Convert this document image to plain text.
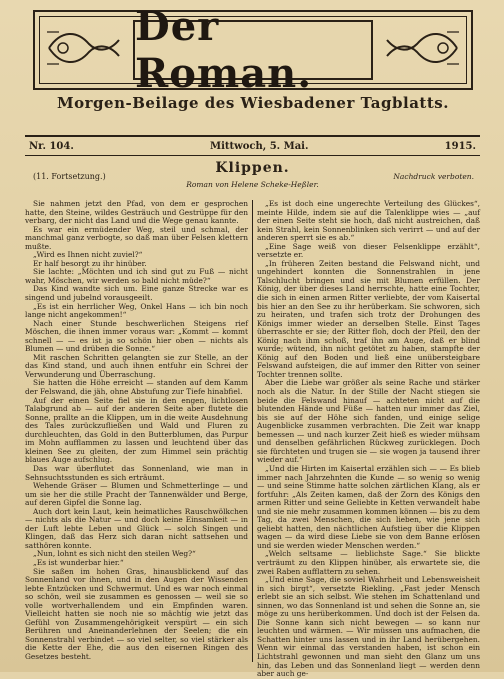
Der Roman.
Morgen-Beilage des Wiesbadener Tagblatts.
Nr. 104.	Mittwoch, 5. Mai.	1915.
(11. Fortsetzung.)
Klippen.
Roman von Helene Scheke-Heßler.
Nachdruck verboten.

Sie nahmen jetzt den Pfad, von dem er gesprochen hatte, den Steine, wildes Gesträuch und Gestrüppe für den verbarg, der nicht das Land und die Wege genau kannte.

Es war ein ermüdender Weg, steil und schmal, der manchmal ganz verbogte, so daß man über Felsen klettern mußte.

„Wird es Ihnen nicht zuviel?“

Er half besorgt zu ihr hinüber.

Sie lachte: „Möchten und ich sind gut zu Fuß — nicht wahr, Möschen, wir werden so bald nicht müde?“

Das Kind wandte sich um. Eine ganze Strecke war es singend und jubelnd vorausgeeilt.

„Es ist ein herrlicher Weg, Onkel Hans — ich bin noch lange nicht angekommen!“

Nach einer Stunde beschwerlichen Steigens rief Möschen, die ihnen immer voraus war: „Kommt — kommt schnell — — es ist ja so schön hier oben — nichts als Blumen — und drüben die Sonne.“

Mit raschen Schritten gelangten sie zur Stelle, an der das Kind stand, und auch ihnen entfuhr ein Schrei der Verwunderung und Überraschung.

Sie hatten die Höhe erreicht — standen auf dem Kamm der Felswand, die jäh, ohne Abstufung zur Tiefe hinabfiel.

Auf der einen Seite fiel sie in den engen, lichtlosen Talabgrund ab — auf der anderen Seite aber flutete die Sonne, prallte an die Klippen, um in die weite Ausdehnung des Tales zurückzufließen und Wald und Fluren zu durchleuchten, das Gold in den Butterblumen, das Purpur im Mohn aufflammen zu lassen und leuchtend über das kleinen See zu gleiten, der zum Himmel sein prächtig blaues Auge aufschlug.

Das war überflutet das Sonnenland, wie man in Sehnsuchtsstunden es sich erträumt.

Wehende Gräser — Blumen und Schmetterlinge — und um sie her die stille Pracht der Tannenwälder und Berge, auf deren Gipfel die Sonne lag.

Auch dort kein Laut, kein heimatliches Rauschwölkchen — nichts als die Natur — und doch keine Einsamkeit — in der Luft lebte Leben und Glück — solch Singen und Klingen, daß das Herz sich daran nicht sattsehen und satthören konnte.

„Nun, lohnt es sich nicht den steilen Weg?“

„Es ist wunderbar hier.“

Sie saßen im hohen Gras, hinausblickend auf das Sonnenland vor ihnen, und in den Augen der Wissenden lebte Entzücken und Schwermut. Und es war noch einmal so schön, weil sie zusammen es genossen — weil sie so volle wortverhallendem und ein Empfinden waren. Vielleicht hatten sie noch nie so mächtig wie jetzt das Gefühl von Zusammengehörigkeit verspürt — ein sich Berühren und Aneinanderlehnen der Seelen; die ein Sonnenstrahl verbindet — so viel selter, so viel stärker als die Kette der Ehe, die aus den eisernen Ringen des Gesetzes besteht.

„Es ist doch eine ungerechte Verteilung des Glückes“, meinte Hilde, indem sie auf die Talenklippe wies — „auf der einen Seite steht sie hoch, daß nicht austreichen, daß kein Strahl, kein Sonnenblinken sich verirrt — und auf der anderen sperrt sie es ab.“

„Eine Sage weiß von dieser Felsenklippe erzählt“, versetzte er.

„In früheren Zeiten bestand die Felswand nicht, und ungehindert konnten die Sonnenstrahlen in jene Talschlucht bringen und sie mit Blumen erfüllen. Der König, der über dieses Land herrschte, hatte eine Tochter, die sich in einen armen Ritter verliebte, der vom Kaisertal bis hier an den See zu ihr herüberkam. Sie schworen, sich zu heiraten, und trafen sich trotz der Drohungen des Königs immer wieder an derselben Stelle. Einst Tages überraschte er sie; der Ritter floh, doch der Pfeil, den der König nach ihm schoß, traf ihn am Auge, daß er blind wurde; wütend, ihn nicht getötet zu haben, stampfte der König auf den Boden und ließ eine unübersteigbare Felswand aufsteigen, die auf immer den Ritter von seiner Tochter trennen sollte.

Aber die Liebe war größer als seine Rache und stärker noch als die Natur. In der Stille der Nacht stiegen sie beide die Felswand hinauf — achteten nicht auf die blutenden Hände und Füße — hatten nur immer das Ziel, bis sie auf der Höhe sich fanden, und einige selige Augenblicke zusammen verbrachten. Die Zeit war knapp bemessen — und nach kurzer Zeit hieß es wieder mühsam und denselben gefährlichen Rückweg zurücklegen. Doch sie fürchteten und trugen sie — sie wogen ja tausend ihrer wieder auf.“

„Und die Hirten im Kaisertal erzählen sich — — Es blieb immer nach Jahrzehnten die Kunde — so wenig so wenig — und seine Stimme hatte solchen zärtlichen Klang, als er fortfuhr: „Als Zeiten kamen, daß der Zorn des Königs den armen Ritter und seine Geliebte in Ketten verwandelt habe und sie nie mehr zusammen kommen können — bis zu dem Tag, da zwei Menschen, die sich lieben, wie jene sich geliebt hatten, den nächtlichen Aufstieg über die Klippen wagen — da wird diese Liebe sie von dem Banne erlösen und sie werden wieder Menschen werden.“

„Welch seltsame — lieblichste Sage.“ Sie blickte verträumt zu den Klippen hinüber, als erwartete sie, die zwei Raben aufflattern zu sehen.

„Und eine Sage, die soviel Wahrheit und Lebensweisheit in sich birgt“, versetzte Riekling. „Fast jeder Mensch erlebt sie an sich selbst. Wie stehen im Schattenland und sinnen, wo das Sonnenland ist und sehen die Sonne an, sie möge zu uns herüberkommen. Und doch ist der Felsen da. Die Sonne kann sich nicht bewegen — so kann nur leuchten und wärmen. — Wir müssen uns aufmachen, die Schatten hinter uns lassen und in ihr Land herübergehen. Wenn wir einmal das verstanden haben, ist schon ein Lichtstrahl gewonnen und man sieht den Glanz um uns hin, das Leben und das Sonnenland liegt — werden denn aber auch ge-
